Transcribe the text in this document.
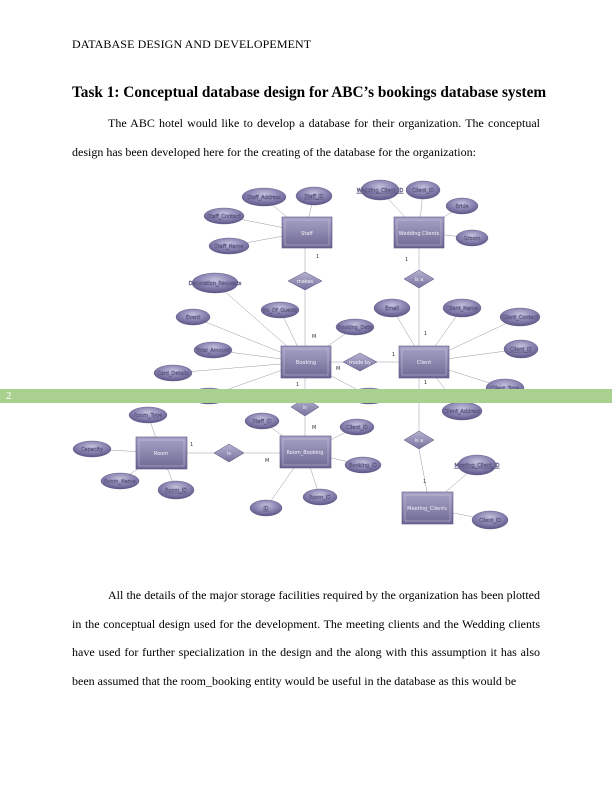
DATABASE DESIGN AND DEVELOPEMENT
Task 1: Conceptual database design for ABC’s bookings database system

The ABC hotel would like to develop a database for their organization. The conceptual design has been developed here for the creating of the database for the organization:

Staff	Wedding Clients
Booking	Client
Room	Room_Booking
Meeting_Clients
makes
made by
is a
in
is
is a
Staff_Address	Staff_ID
Staff_Contact
Staff_Name
Wedding_Client_ID Client_ID
Bride
Groom
Decoration_Requests
No_Of_Guests
Event
Booking_Date
Total_Amount
Card_Details
Email	Client_Name
Client_Contact
Client_ID
Client_Address
Staff_ID
Client_ID
Booking_ID
Room_ID
ID
Room_Type
Capacity
Room_Name
Room_ID
Meeting_Client_ID
Client_ID
1
M
M
1
1
1
1
M
1
M
1
1
2

All the details of the major storage facilities required by the organization has been plotted in the conceptual design used for the development. The meeting clients and the Wedding clients have used for further specialization in the design and the along with this assumption it has also been assumed that the room_booking entity would be useful in the database as this would be
